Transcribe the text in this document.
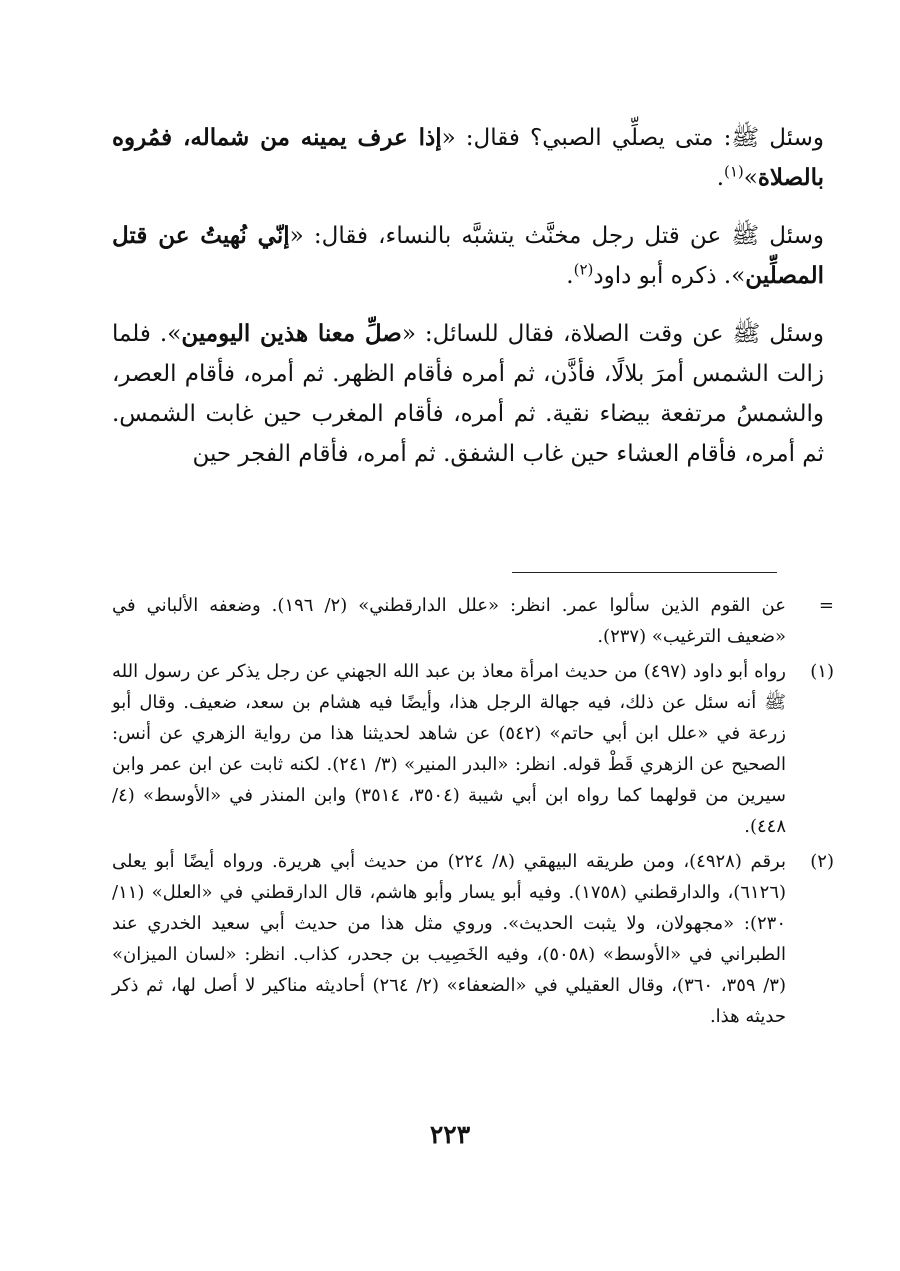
وسئل ﷺ: متى يصلِّي الصبي؟ فقال: «إذا عرف يمينه من شماله، فمُروه بالصلاة»$^{(١)}$.

وسئل ﷺ عن قتل رجل مخنَّث يتشبَّه بالنساء، فقال: «إنّي نُهيتُ عن قتل المصلِّين». ذكره أبو داود$^{(٢)}$.

وسئل ﷺ عن وقت الصلاة، فقال للسائل: «صلِّ معنا هذين اليومين». فلما زالت الشمس أمرَ بلالًا، فأذَّن، ثم أمره فأقام الظهر. ثم أمره، فأقام العصر، والشمسُ مرتفعة بيضاء نقية. ثم أمره، فأقام المغرب حين غابت الشمس. ثم أمره، فأقام العشاء حين غاب الشفق. ثم أمره، فأقام الفجر حين

=

عن القوم الذين سألوا عمر. انظر: «علل الدارقطني» (٢/ ١٩٦). وضعفه الألباني في «ضعيف الترغيب» (٢٣٧).

(١)

رواه أبو داود (٤٩٧) من حديث امرأة معاذ بن عبد الله الجهني عن رجل يذكر عن رسول الله ﷺ أنه سئل عن ذلك، فيه جهالة الرجل هذا، وأيضًا فيه هشام بن سعد، ضعيف. وقال أبو زرعة في «علل ابن أبي حاتم» (٥٤٢) عن شاهد لحديثنا هذا من رواية الزهري عن أنس: الصحيح عن الزهري قَطْ قوله. انظر: «البدر المنير» (٣/ ٢٤١). لكنه ثابت عن ابن عمر وابن سيرين من قولهما كما رواه ابن أبي شيبة (٣٥٠٤، ٣٥١٤) وابن المنذر في «الأوسط» (٤/ ٤٤٨).

(٢)

برقم (٤٩٢٨)، ومن طريقه البيهقي (٨/ ٢٢٤) من حديث أبي هريرة. ورواه أيضًا أبو يعلى (٦١٢٦)، والدارقطني (١٧٥٨). وفيه أبو يسار وأبو هاشم، قال الدارقطني في «العلل» (١١/ ٢٣٠): «مجهولان، ولا يثبت الحديث». وروي مثل هذا من حديث أبي سعيد الخدري عند الطبراني في «الأوسط» (٥٠٥٨)، وفيه الخَصِيب بن جحدر، كذاب. انظر: «لسان الميزان» (٣/ ٣٥٩، ٣٦٠)، وقال العقيلي في «الضعفاء» (٢/ ٢٦٤) أحاديثه مناكير لا أصل لها، ثم ذكر حديثه هذا.

٢٢٣
